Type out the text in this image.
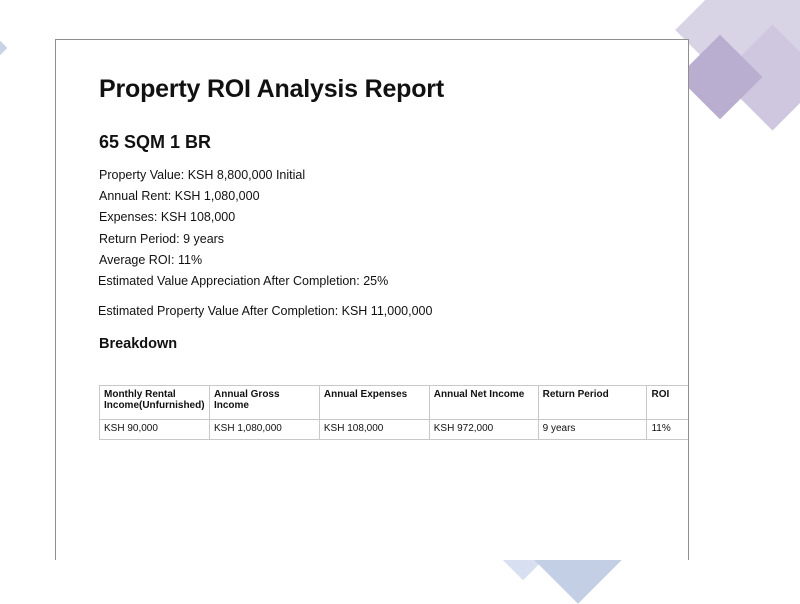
Property ROI Analysis Report
65 SQM 1 BR
Property Value: KSH 8,800,000 Initial
Annual Rent: KSH 1,080,000
Expenses: KSH 108,000
Return Period: 9 years
Average ROI: 11%
Estimated Value Appreciation After Completion: 25%
Estimated Property Value After Completion: KSH 11,000,000
Breakdown
Monthly Rental Income(Unfurnished)	Annual Gross Income	Annual Expenses	Annual Net Income	Return Period	ROI
KSH 90,000	KSH 1,080,000	KSH 108,000	KSH 972,000	9 years	11%
